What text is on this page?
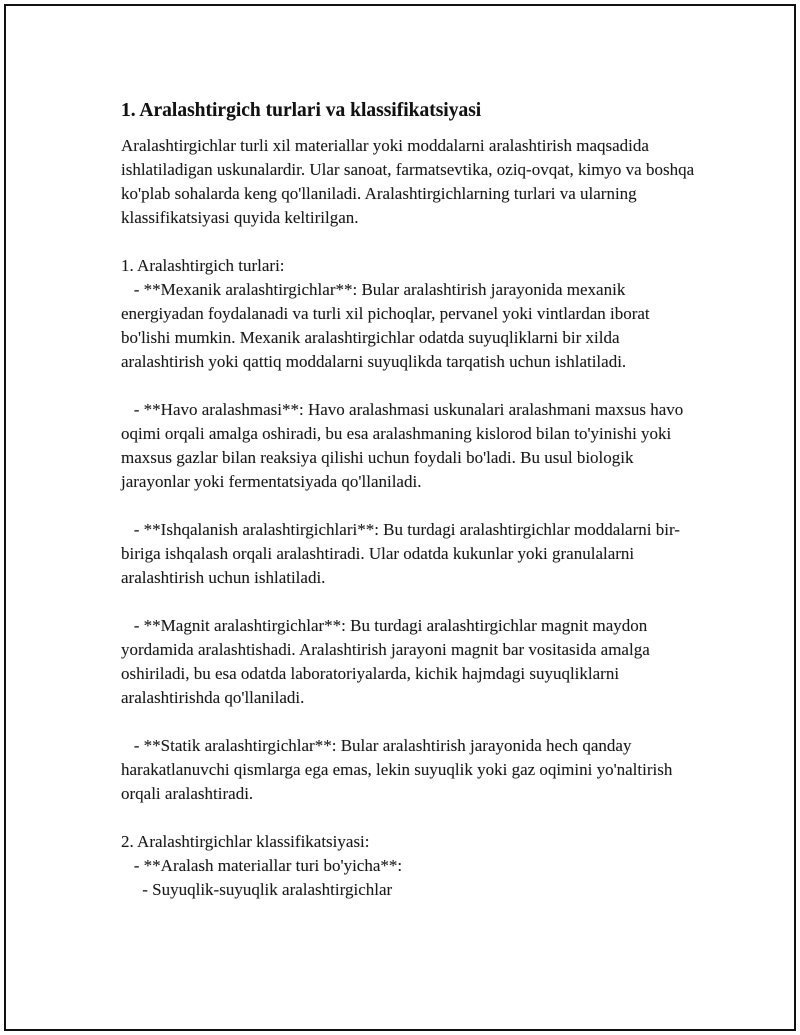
1. Aralashtirgich turlari va klassifikatsiyasi

Aralashtirgichlar turli xil materiallar yoki moddalarni aralashtirish maqsadida ishlatiladigan uskunalardir. Ular sanoat, farmatsevtika, oziq-ovqat, kimyo va boshqa ko'plab sohalarda keng qo'llaniladi. Aralashtirgichlarning turlari va ularning klassifikatsiyasi quyida keltirilgan.

1. Aralashtirgich turlari:

- **Mexanik aralashtirgichlar**: Bular aralashtirish jarayonida mexanik energiyadan foydalanadi va turli xil pichoqlar, pervanel yoki vintlardan iborat bo'lishi mumkin. Mexanik aralashtirgichlar odatda suyuqliklarni bir xilda aralashtirish yoki qattiq moddalarni suyuqlikda tarqatish uchun ishlatiladi.

- **Havo aralashmasi**: Havo aralashmasi uskunalari aralashmani maxsus havo oqimi orqali amalga oshiradi, bu esa aralashmaning kislorod bilan to'yinishi yoki maxsus gazlar bilan reaksiya qilishi uchun foydali bo'ladi. Bu usul biologik jarayonlar yoki fermentatsiyada qo'llaniladi.

- **Ishqalanish aralashtirgichlari**: Bu turdagi aralashtirgichlar moddalarni bir-biriga ishqalash orqali aralashtiradi. Ular odatda kukunlar yoki granulalarni aralashtirish uchun ishlatiladi.

- **Magnit aralashtirgichlar**: Bu turdagi aralashtirgichlar magnit maydon yordamida aralashtishadi. Aralashtirish jarayoni magnit bar vositasida amalga oshiriladi, bu esa odatda laboratoriyalarda, kichik hajmdagi suyuqliklarni aralashtirishda qo'llaniladi.

- **Statik aralashtirgichlar**: Bular aralashtirish jarayonida hech qanday harakatlanuvchi qismlarga ega emas, lekin suyuqlik yoki gaz oqimini yo'naltirish orqali aralashtiradi.

2. Aralashtirgichlar klassifikatsiyasi:

- **Aralash materiallar turi bo'yicha**:

- Suyuqlik-suyuqlik aralashtirgichlar
